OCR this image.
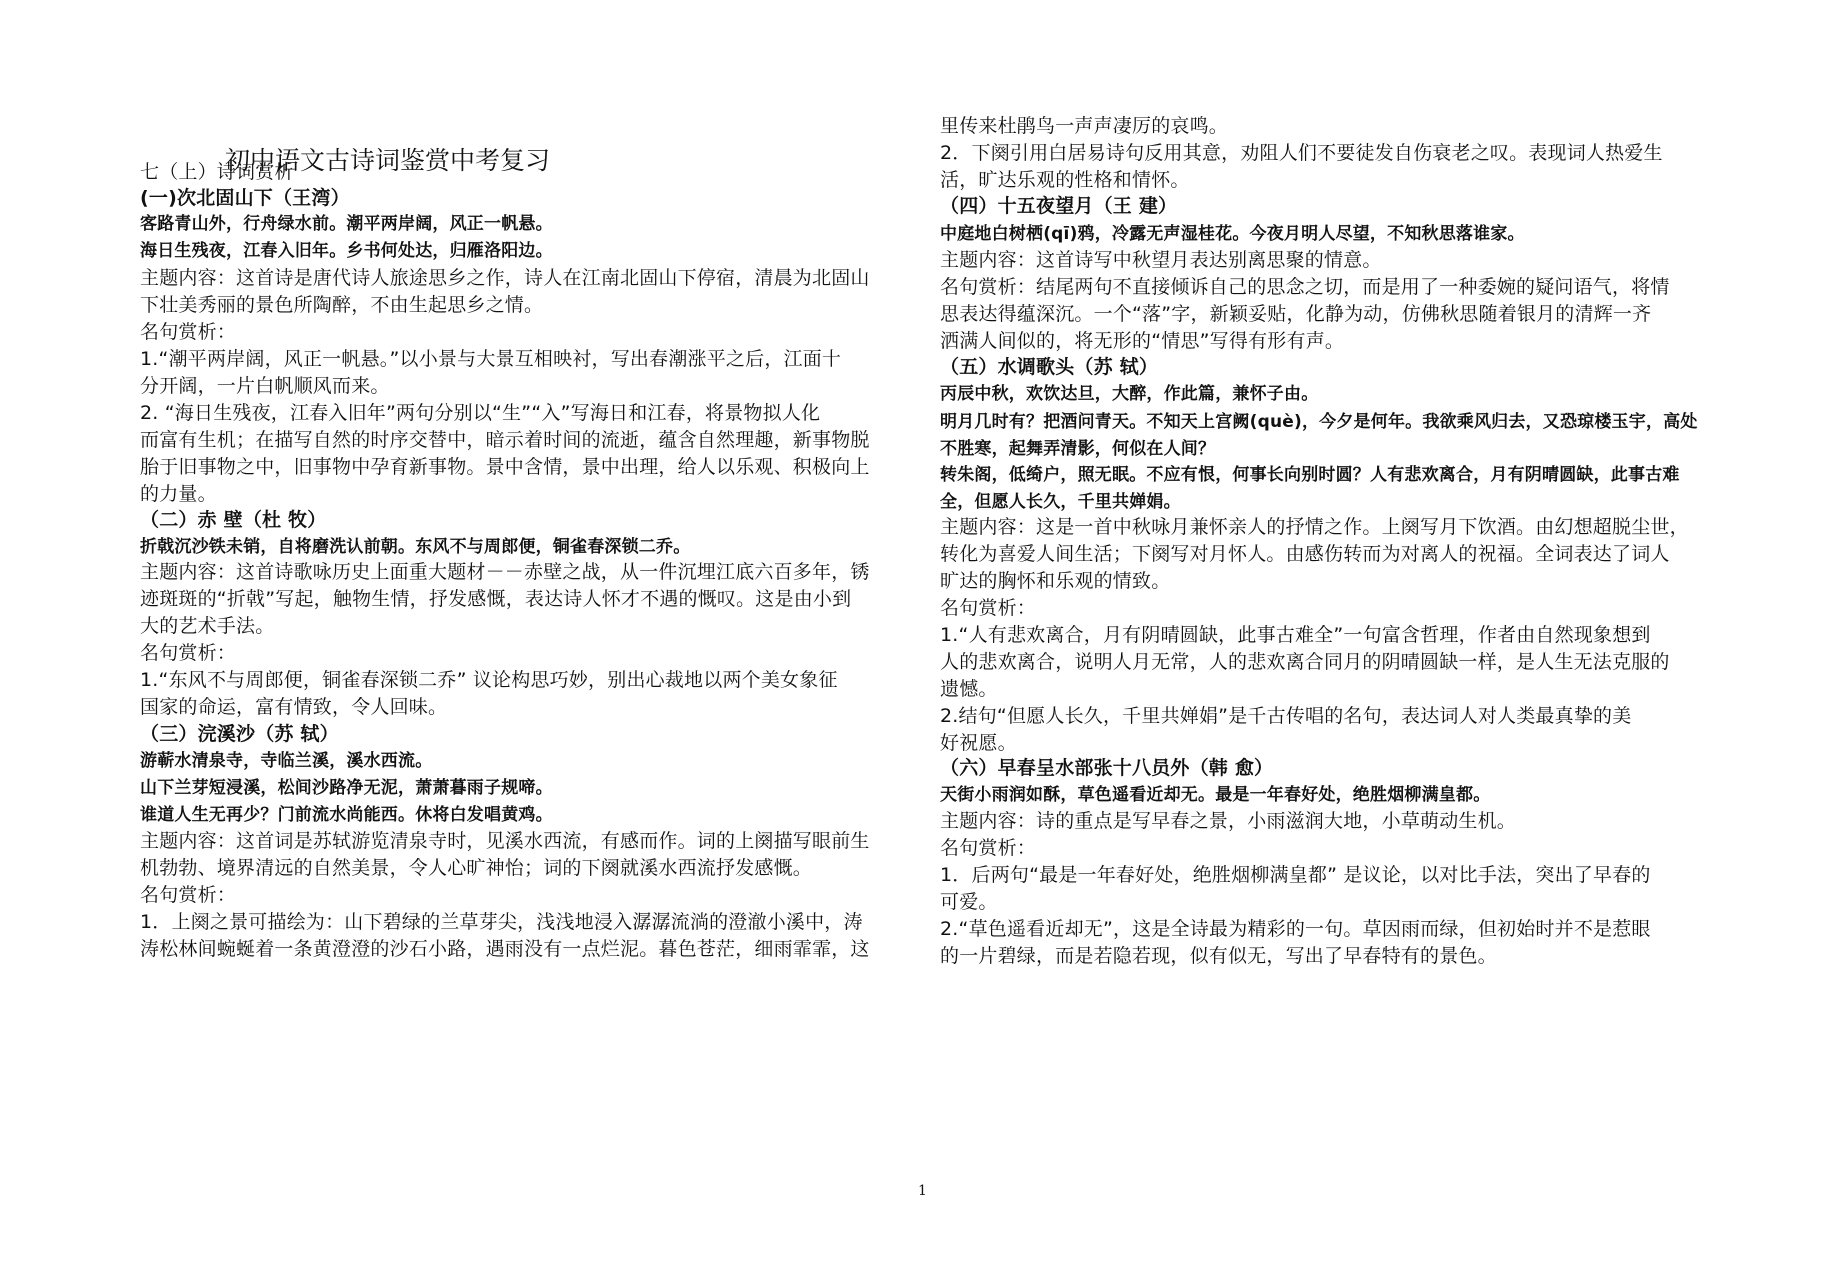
初中语文古诗词鉴赏中考复习
七（上）诗词赏析
(一)次北固山下（王湾）
客路青山外，行舟绿水前。潮平两岸阔，风正一帆悬。
海日生残夜，江春入旧年。乡书何处达，归雁洛阳边。
主题内容：这首诗是唐代诗人旅途思乡之作，诗人在江南北固山下停宿，清晨为北固山
下壮美秀丽的景色所陶醉，不由生起思乡之情。
名句赏析：
1.“潮平两岸阔，风正一帆悬。”以小景与大景互相映衬，写出春潮涨平之后，江面十
分开阔，一片白帆顺风而来。
2. “海日生残夜，江春入旧年”两句分别以“生”“入”写海日和江春，将景物拟人化
而富有生机；在描写自然的时序交替中，暗示着时间的流逝，蕴含自然理趣，新事物脱
胎于旧事物之中，旧事物中孕育新事物。景中含情，景中出理，给人以乐观、积极向上
的力量。
（二）赤 壁（杜 牧）
折戟沉沙铁未销，自将磨洗认前朝。东风不与周郎便，铜雀春深锁二乔。
主题内容：这首诗歌咏历史上面重大题材－－赤壁之战，从一件沉埋江底六百多年，锈
迹斑斑的“折戟”写起，触物生情，抒发感慨，表达诗人怀才不遇的慨叹。这是由小到
大的艺术手法。
名句赏析：
1.“东风不与周郎便，铜雀春深锁二乔” 议论构思巧妙，别出心裁地以两个美女象征
国家的命运，富有情致，令人回味。
（三）浣溪沙（苏 轼）
游蕲水清泉寺，寺临兰溪，溪水西流。
山下兰芽短浸溪，松间沙路净无泥，萧萧暮雨子规啼。
谁道人生无再少？门前流水尚能西。休将白发唱黄鸡。
主题内容：这首词是苏轼游览清泉寺时，见溪水西流，有感而作。词的上阕描写眼前生
机勃勃、境界清远的自然美景，令人心旷神怡；词的下阕就溪水西流抒发感慨。
名句赏析：
1．上阕之景可描绘为：山下碧绿的兰草芽尖，浅浅地浸入潺潺流淌的澄澈小溪中，涛
涛松林间蜿蜒着一条黄澄澄的沙石小路，遇雨没有一点烂泥。暮色苍茫，细雨霏霏，这
里传来杜鹃鸟一声声凄厉的哀鸣。
2．下阕引用白居易诗句反用其意，劝阻人们不要徒发自伤衰老之叹。表现词人热爱生
活，旷达乐观的性格和情怀。
（四）十五夜望月（王 建）
中庭地白树栖(qī)鸦，冷露无声湿桂花。今夜月明人尽望，不知秋思落谁家。
主题内容：这首诗写中秋望月表达别离思聚的情意。
名句赏析：结尾两句不直接倾诉自己的思念之切，而是用了一种委婉的疑问语气，将情
思表达得蕴深沉。一个“落”字，新颖妥贴，化静为动，仿佛秋思随着银月的清辉一齐
洒满人间似的，将无形的“情思”写得有形有声。
（五）水调歌头（苏 轼）
丙辰中秋，欢饮达旦，大醉，作此篇，兼怀子由。
明月几时有？把酒问青天。不知天上宫阙(què)，今夕是何年。我欲乘风归去，又恐琼楼玉宇，高处
不胜寒，起舞弄清影，何似在人间？
转朱阁，低绮户，照无眠。不应有恨，何事长向别时圆？人有悲欢离合，月有阴晴圆缺，此事古难
全，但愿人长久，千里共婵娟。
主题内容：这是一首中秋咏月兼怀亲人的抒情之作。上阕写月下饮酒。由幻想超脱尘世，
转化为喜爱人间生活；下阕写对月怀人。由感伤转而为对离人的祝福。全词表达了词人
旷达的胸怀和乐观的情致。
名句赏析：
1.“人有悲欢离合，月有阴晴圆缺，此事古难全”一句富含哲理，作者由自然现象想到
人的悲欢离合，说明人月无常，人的悲欢离合同月的阴晴圆缺一样，是人生无法克服的
遗憾。
2.结句“但愿人长久，千里共婵娟”是千古传唱的名句，表达词人对人类最真挚的美
好祝愿。
（六）早春呈水部张十八员外（韩 愈）
天街小雨润如酥，草色遥看近却无。最是一年春好处，绝胜烟柳满皇都。
主题内容：诗的重点是写早春之景，小雨滋润大地，小草萌动生机。
名句赏析：
1．后两句“最是一年春好处，绝胜烟柳满皇都” 是议论，以对比手法，突出了早春的
可爱。
2.“草色遥看近却无”，这是全诗最为精彩的一句。草因雨而绿，但初始时并不是惹眼
的一片碧绿，而是若隐若现，似有似无，写出了早春特有的景色。
1
